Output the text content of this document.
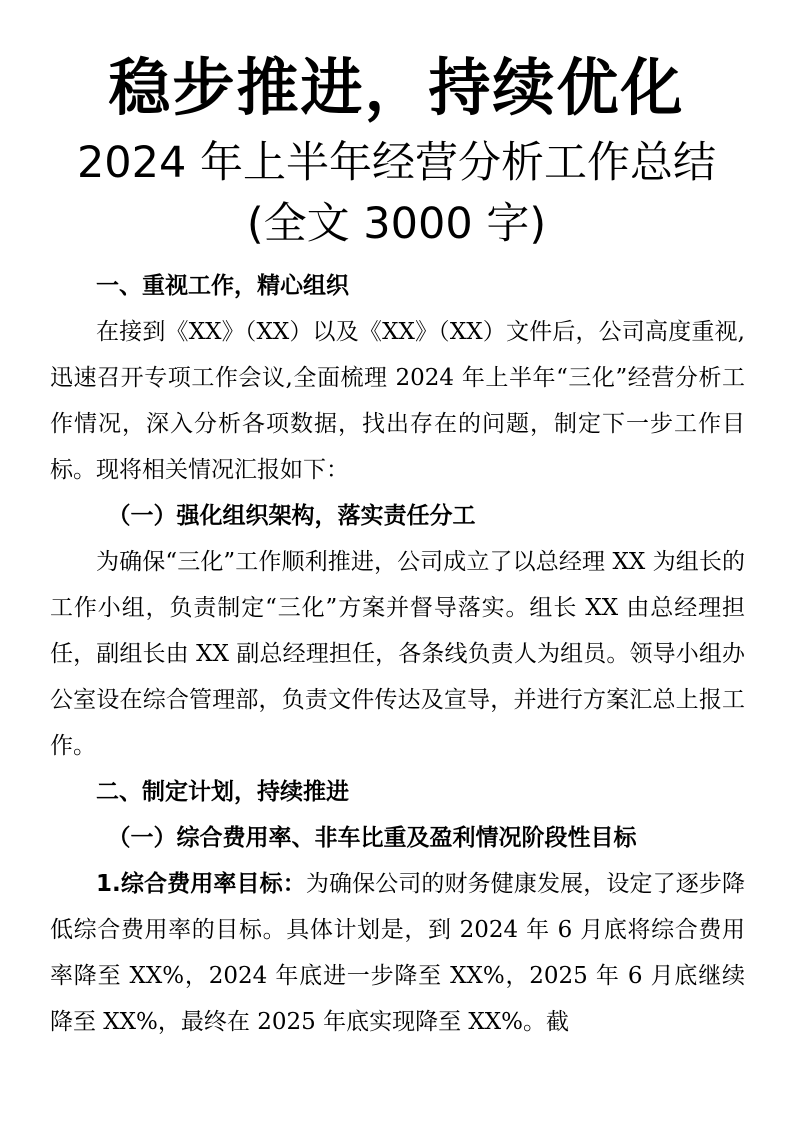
稳步推进，持续优化
2024 年上半年经营分析工作总结
(全文 3000 字)

一、重视工作，精心组织

在接到《XX》（XX）以及《XX》（XX）文件后，公司高度重视,迅速召开专项工作会议,全面梳理 2024 年上半年“三化”经营分析工作情况，深入分析各项数据，找出存在的问题，制定下一步工作目标。现将相关情况汇报如下：

（一）强化组织架构，落实责任分工

为确保“三化”工作顺利推进，公司成立了以总经理 XX 为组长的工作小组，负责制定“三化”方案并督导落实。组长 XX 由总经理担任，副组长由 XX 副总经理担任，各条线负责人为组员。领导小组办公室设在综合管理部，负责文件传达及宣导，并进行方案汇总上报工作。

二、制定计划，持续推进

（一）综合费用率、非车比重及盈利情况阶段性目标

1.综合费用率目标：为确保公司的财务健康发展，设定了逐步降低综合费用率的目标。具体计划是，到 2024 年 6 月底将综合费用率降至 XX%，2024 年底进一步降至 XX%，2025 年 6 月底继续降至 XX%，最终在 2025 年底实现降至 XX%。截
